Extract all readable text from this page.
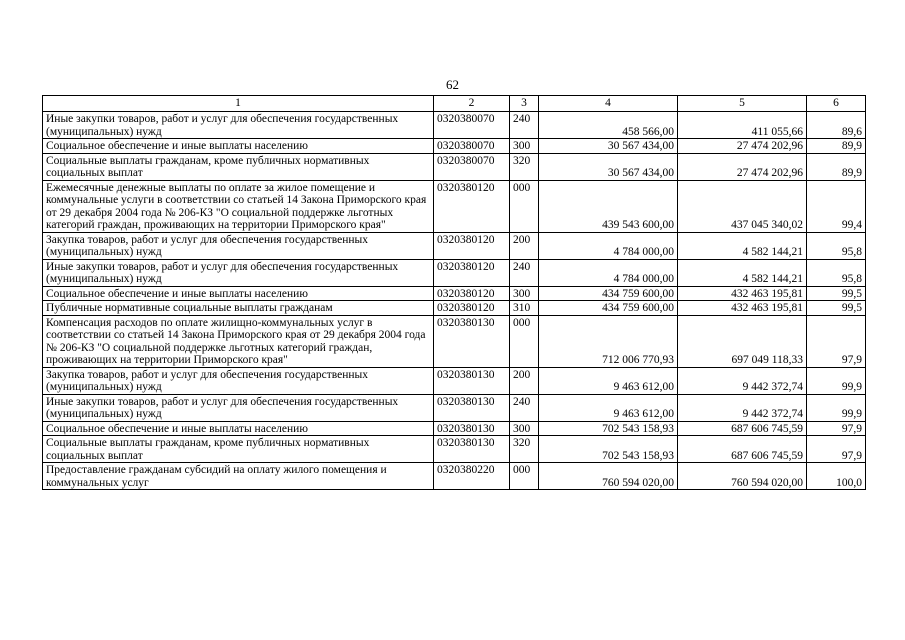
62
1	2	3	4	5	6
Иные закупки товаров, работ и услуг для обеспечения государственных (муниципальных) нужд	0320380070	240	458 566,00	411 055,66	89,6
Социальное обеспечение и иные выплаты населению	0320380070	300	30 567 434,00	27 474 202,96	89,9
Социальные выплаты гражданам, кроме публичных нормативных социальных выплат	0320380070	320	30 567 434,00	27 474 202,96	89,9
Ежемесячные денежные выплаты по оплате за жилое помещение и коммунальные услуги в соответствии со статьей 14 Закона Приморского края от 29 декабря 2004 года № 206-КЗ "О социальной поддержке льготных категорий граждан, проживающих на территории Приморского края"	0320380120	000	439 543 600,00	437 045 340,02	99,4
Закупка товаров, работ и услуг для обеспечения государственных (муниципальных) нужд	0320380120	200	4 784 000,00	4 582 144,21	95,8
Иные закупки товаров, работ и услуг для обеспечения государственных (муниципальных) нужд	0320380120	240	4 784 000,00	4 582 144,21	95,8
Социальное обеспечение и иные выплаты населению	0320380120	300	434 759 600,00	432 463 195,81	99,5
Публичные нормативные социальные выплаты гражданам	0320380120	310	434 759 600,00	432 463 195,81	99,5
Компенсация расходов по оплате жилищно-коммунальных услуг в соответствии со статьей 14 Закона Приморского края от 29 декабря 2004 года № 206-КЗ "О социальной поддержке льготных категорий граждан, проживающих на территории Приморского края"	0320380130	000	712 006 770,93	697 049 118,33	97,9
Закупка товаров, работ и услуг для обеспечения государственных (муниципальных) нужд	0320380130	200	9 463 612,00	9 442 372,74	99,9
Иные закупки товаров, работ и услуг для обеспечения государственных (муниципальных) нужд	0320380130	240	9 463 612,00	9 442 372,74	99,9
Социальное обеспечение и иные выплаты населению	0320380130	300	702 543 158,93	687 606 745,59	97,9
Социальные выплаты гражданам, кроме публичных нормативных социальных выплат	0320380130	320	702 543 158,93	687 606 745,59	97,9
Предоставление гражданам субсидий на оплату жилого помещения и коммунальных услуг	0320380220	000	760 594 020,00	760 594 020,00	100,0
